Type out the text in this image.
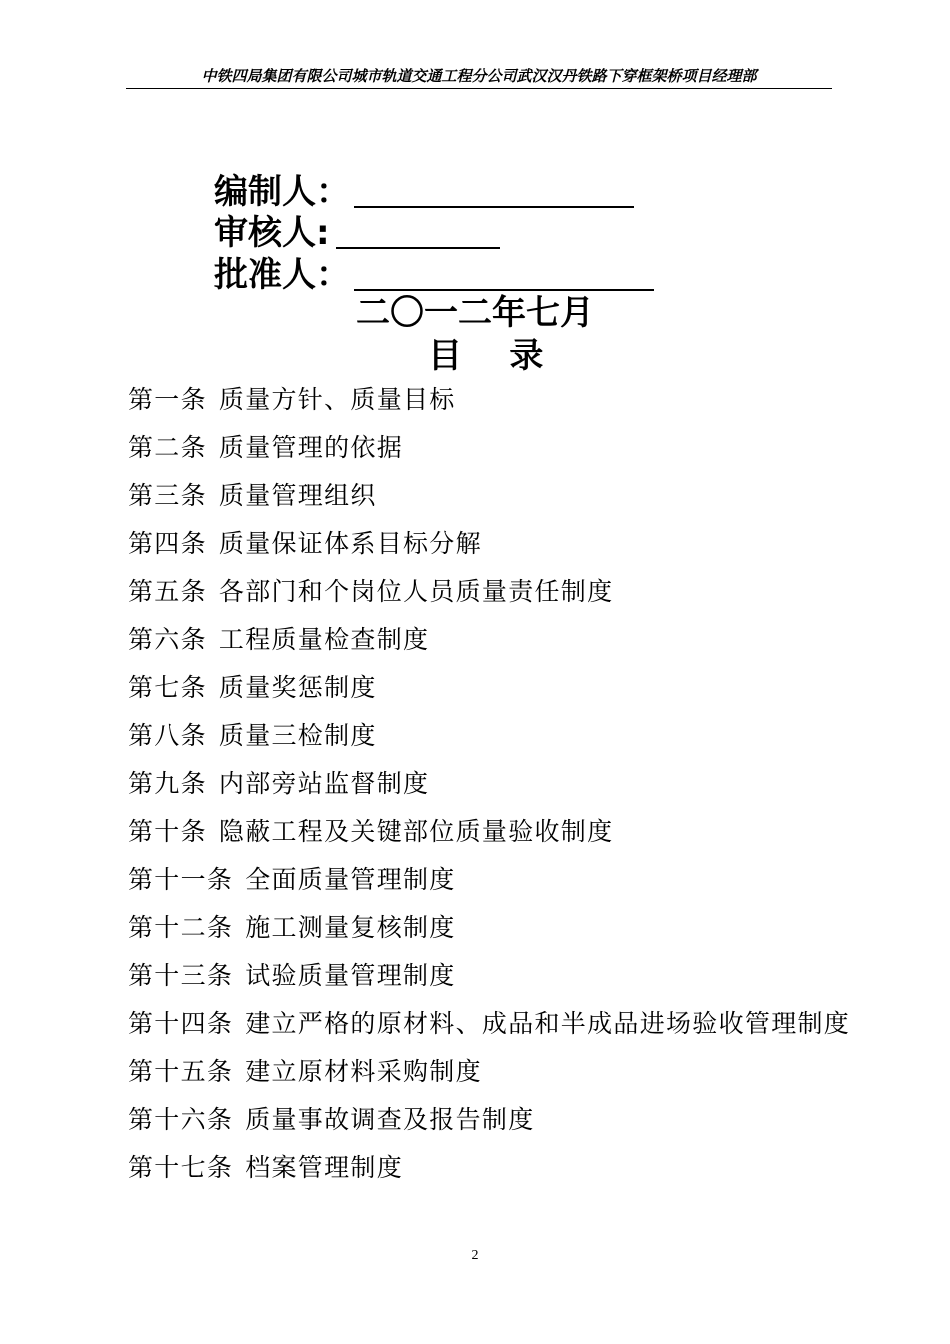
中铁四局集团有限公司城市轨道交通工程分公司武汉汉丹铁路下穿框架桥项目经理部
编制人：
审核人:
批准人：
二〇一二年七月
目    录
第一条 质量方针、质量目标
第二条 质量管理的依据
第三条 质量管理组织
第四条 质量保证体系目标分解
第五条 各部门和个岗位人员质量责任制度
第六条 工程质量检查制度
第七条 质量奖惩制度
第八条 质量三检制度
第九条 内部旁站监督制度
第十条 隐蔽工程及关键部位质量验收制度
第十一条 全面质量管理制度
第十二条 施工测量复核制度
第十三条 试验质量管理制度
第十四条 建立严格的原材料、成品和半成品进场验收管理制度
第十五条 建立原材料采购制度
第十六条 质量事故调查及报告制度
第十七条 档案管理制度
2
